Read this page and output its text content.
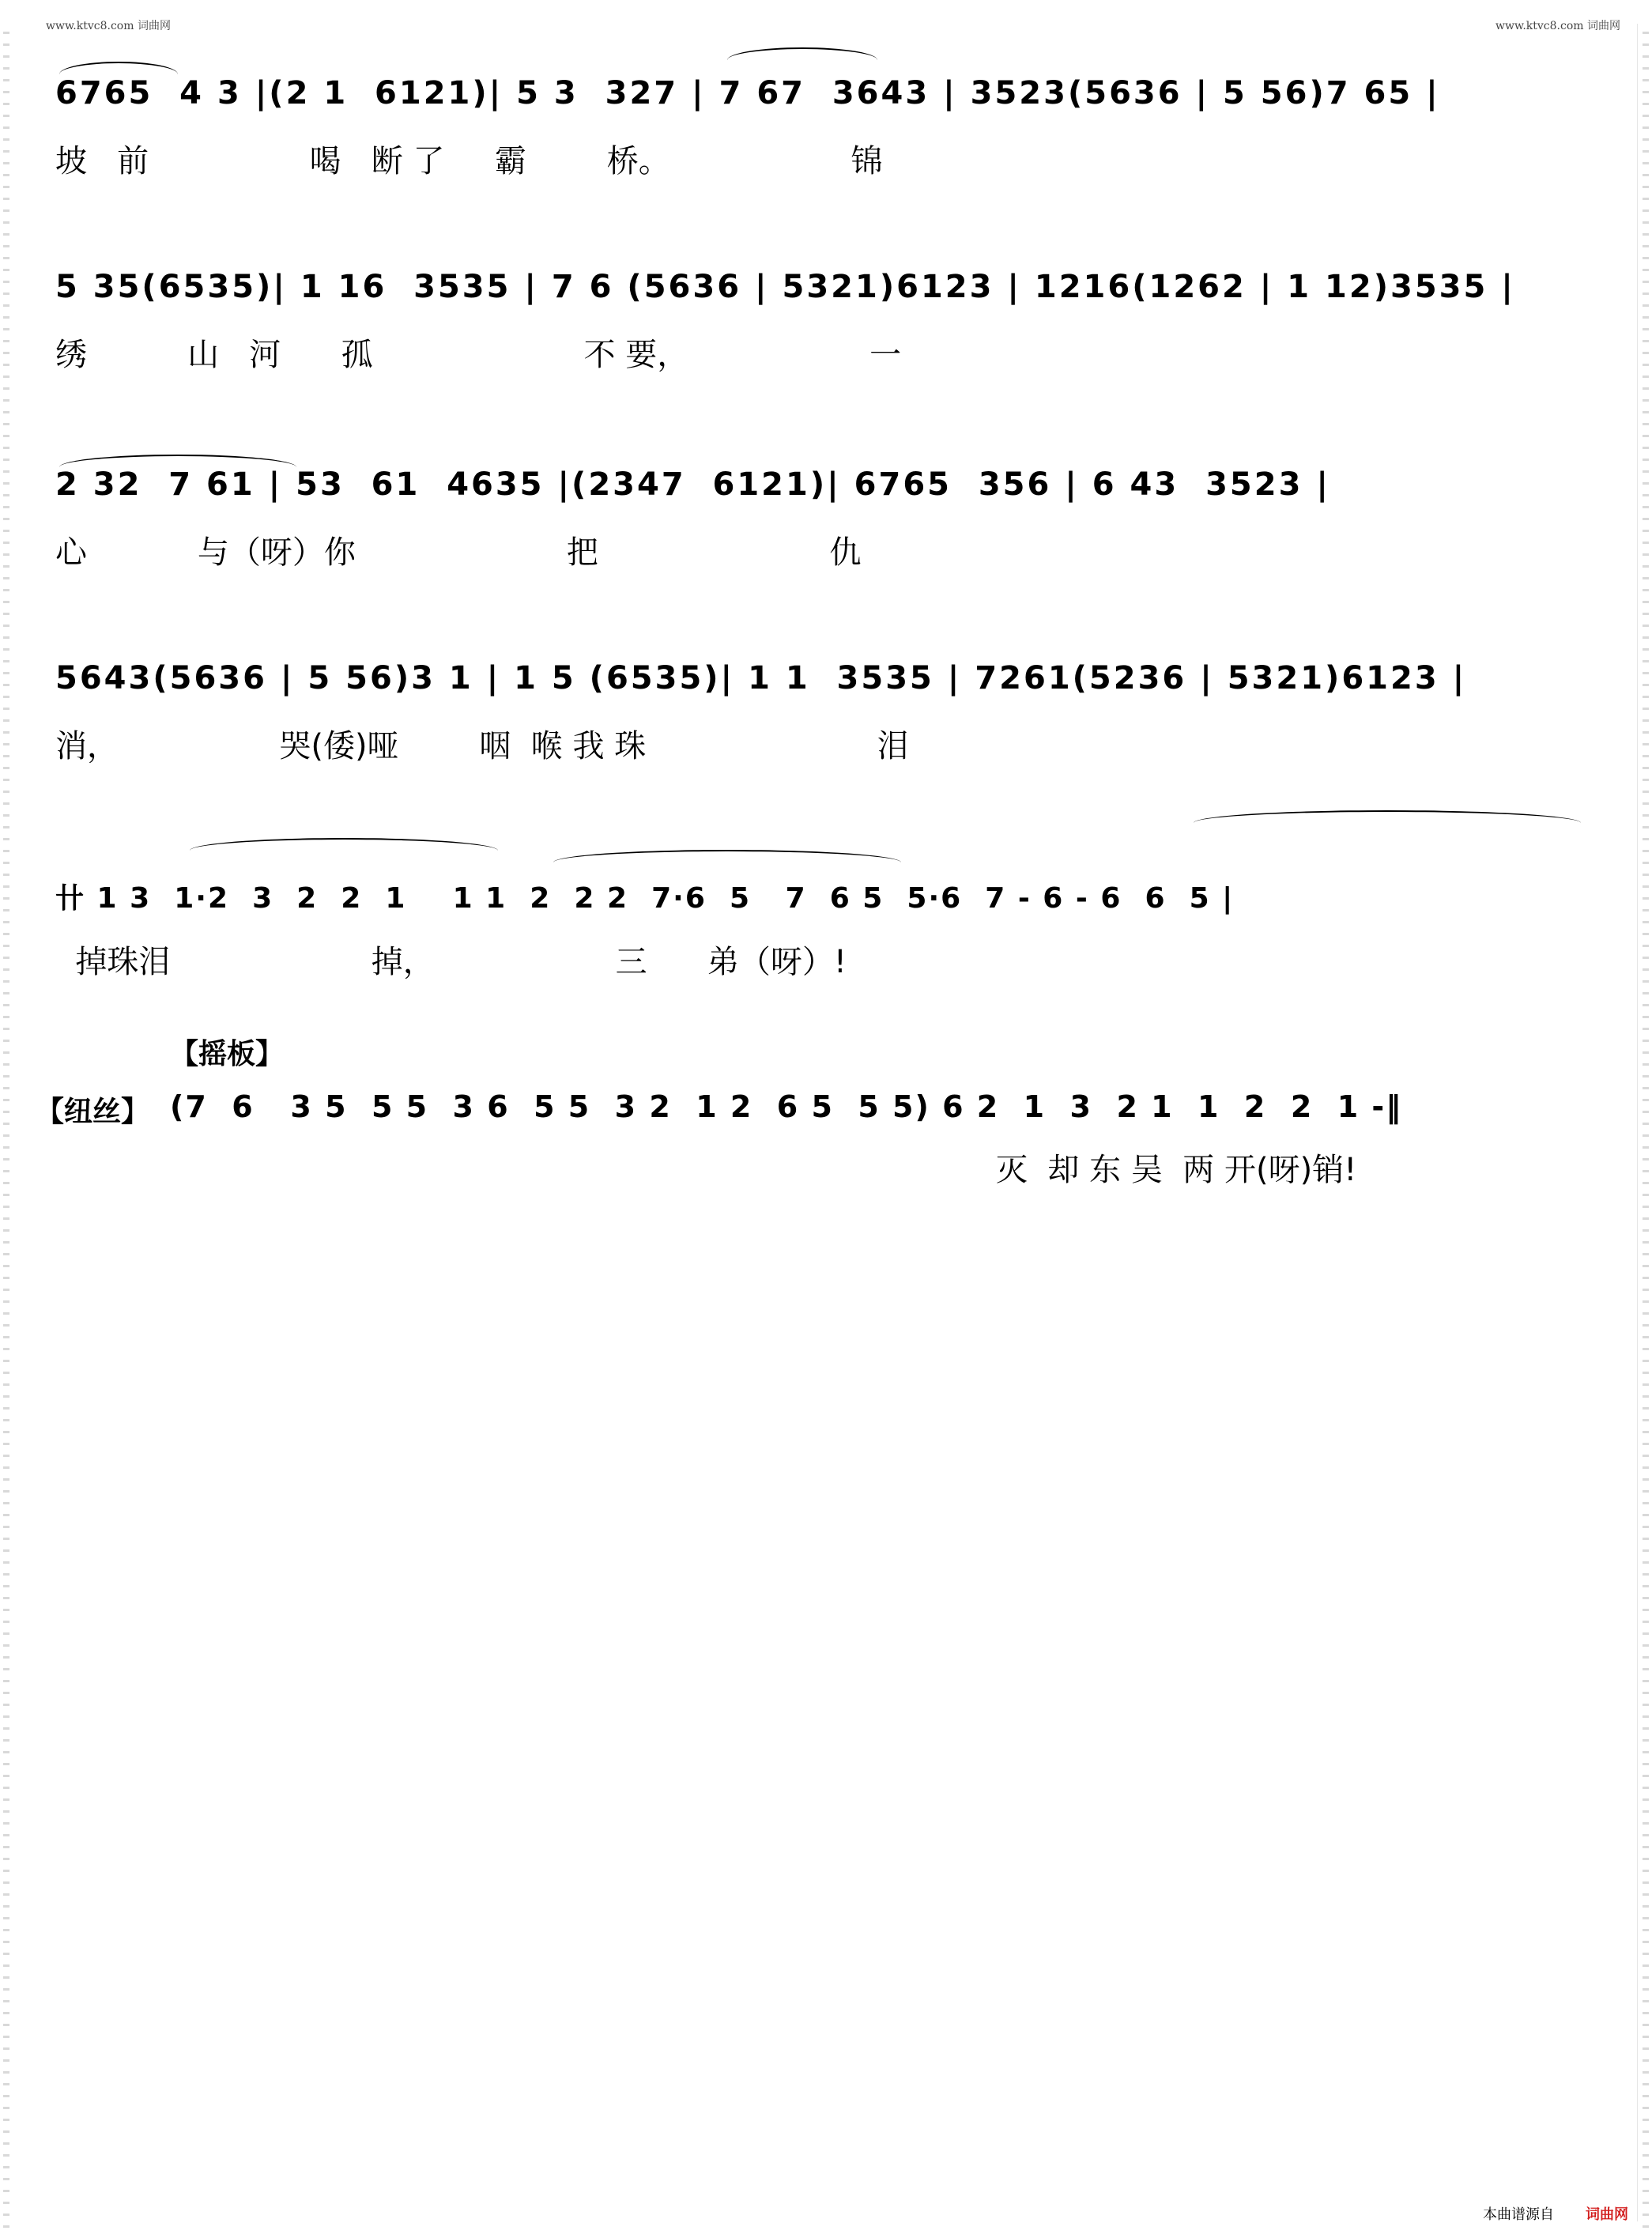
www.ktvc8.com 词曲网	www.ktvc8.com 词曲网
6765  4 3 |(2 1  6121)| 5 3  327 | 7 67  3643 | 3523(5636 | 5 56)7 65 |
坡   前                喝   断 了     霸        桥。                  锦
5 35(6535)| 1 16  3535 | 7 6 (5636 | 5321)6123 | 1216(1262 | 1 12)3535 |
绣          山   河      孤                     不 要，                  一
2 32  7 61 | 53  61  4635 |(2347  6121)| 6765  356 | 6 43  3523 |
心           与（呀）你                     把                       仇
5643(5636 | 5 56)3 1 | 1 5 (6535)| 1 1  3535 | 7261(5236 | 5321)6123 |
消，                哭(倭)哑        咽  喉 我 珠                       泪
卄 1 3  1·2  3  2  2  1    1 1  2  2 2  7·6  5   7  6 5  5·6  7 - 6 - 6  6  5 |
掉珠泪                    掉，                  三      弟（呀）!
【摇板】
【纽丝】 (7  6   3 5  5 5  3 6  5 5  3 2  1 2  6 5  5 5) 6 2  1  3  2 1  1  2  2  1 -‖
灭  却 东 吴  两 开(呀)销!
本曲谱源自 词曲网
